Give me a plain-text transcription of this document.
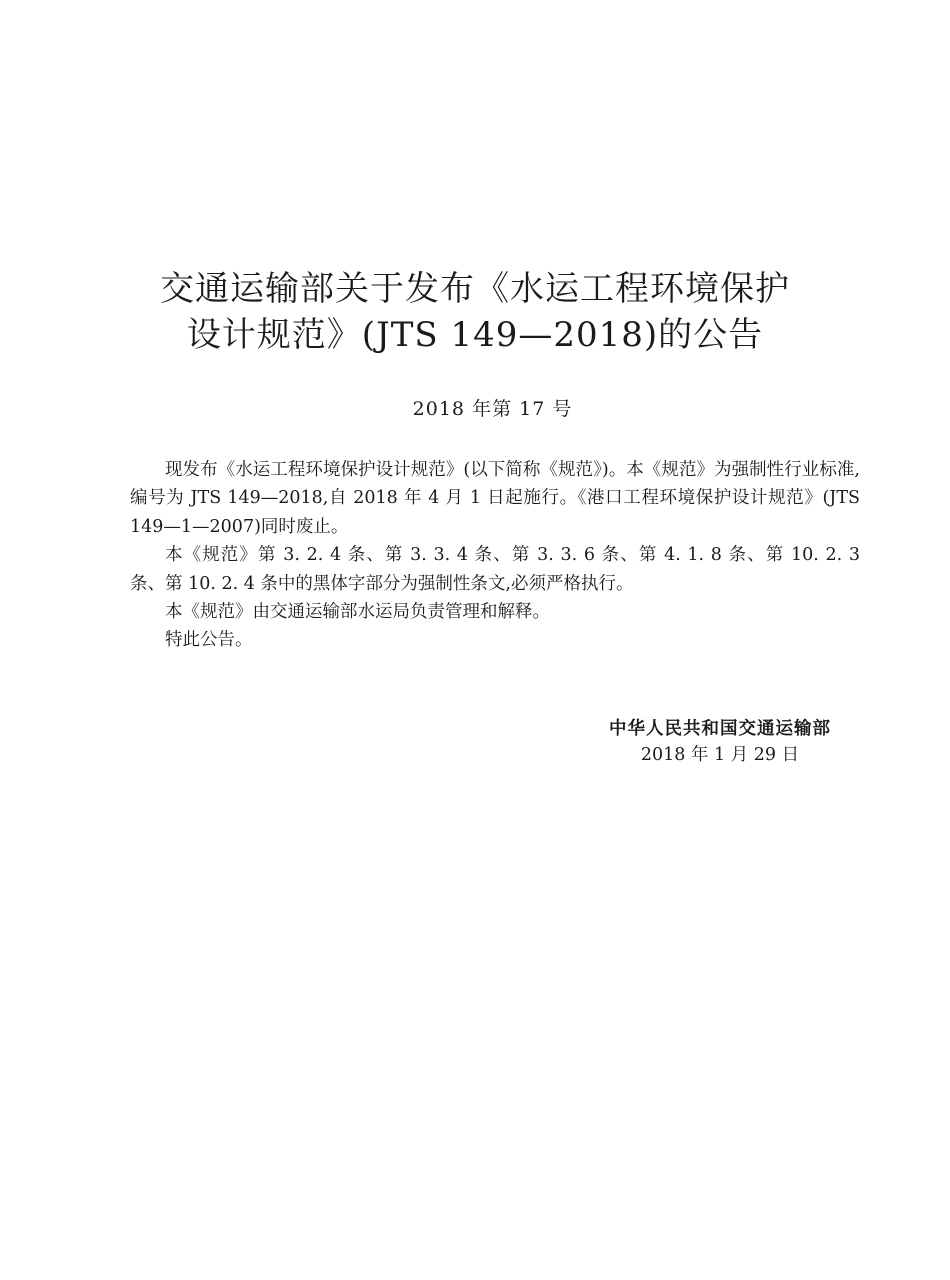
交通运输部关于发布《水运工程环境保护
设计规范》(JTS 149—2018)的公告
2018 年第 17 号

现发布《水运工程环境保护设计规范》(以下简称《规范》)。本《规范》为强制性行业标准,编号为 JTS 149—2018,自 2018 年 4 月 1 日起施行。《港口工程环境保护设计规范》(JTS 149—1—2007)同时废止。

本《规范》第 3. 2. 4 条、第 3. 3. 4 条、第 3. 3. 6 条、第 4. 1. 8 条、第 10. 2. 3 条、第 10. 2. 4 条中的黑体字部分为强制性条文,必须严格执行。

本《规范》由交通运输部水运局负责管理和解释。

特此公告。

中华人民共和国交通运输部
2018 年 1 月 29 日
